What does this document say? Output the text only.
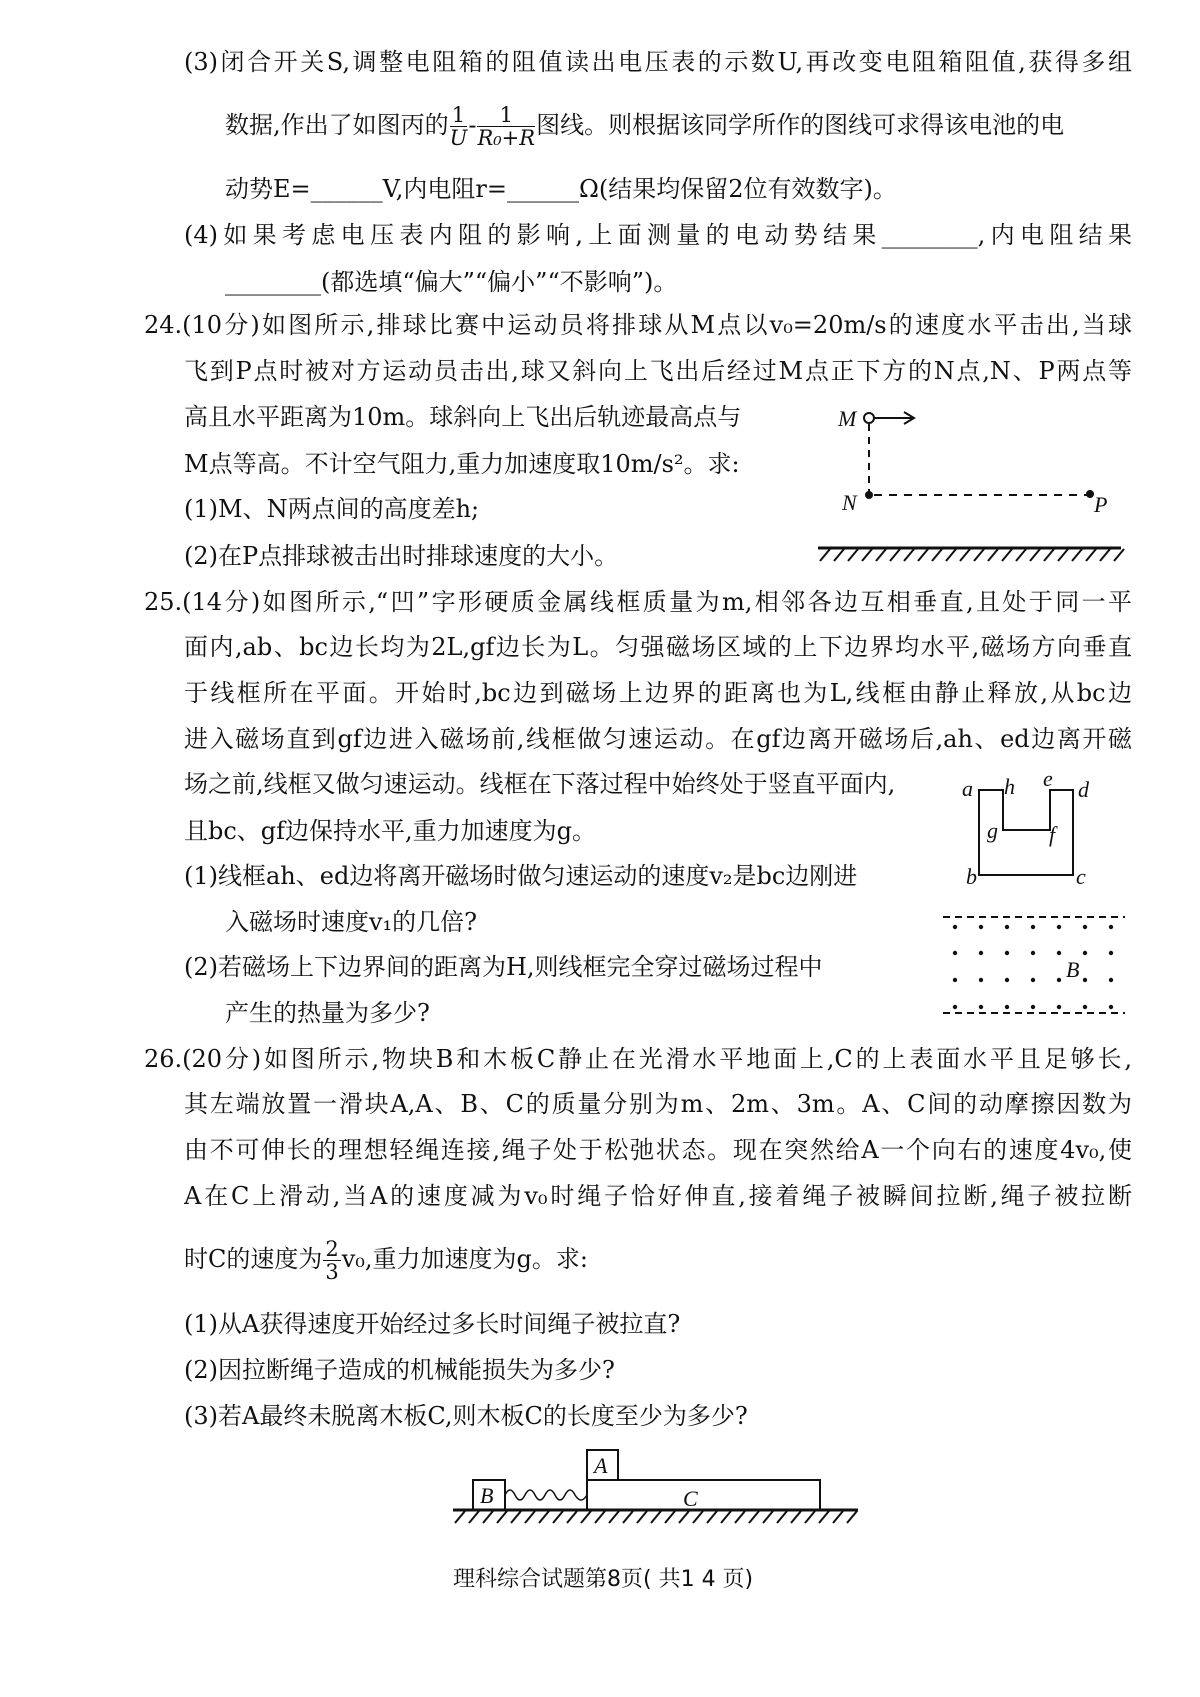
(3)闭合开关S,调整电阻箱的阻值读出电压表的示数U,再改变电阻箱阻值,获得多组
数据,作出了如图丙的 $\frac{1}{U} - \frac{1}{\text{R₀+R}}$ 图线。则根据该同学所作的图线可求得该电池的电
动势E=______V,内电阻r=______Ω(结果均保留2位有效数字)。
(4)如果考虑电压表内阻的影响,上面测量的电动势结果________,内电阻结果
________(都选填“偏大”“偏小”“不影响”)。
24.(10分)如图所示,排球比赛中运动员将排球从M点以v₀=20m/s的速度水平击出,当球
飞到P点时被对方运动员击出,球又斜向上飞出后经过M点正下方的N点,N、P两点等
高且水平距离为10m。球斜向上飞出后轨迹最高点与
M点等高。不计空气阻力,重力加速度取10m/s²。求:
(1)M、N两点间的高度差h;
(2)在P点排球被击出时排球速度的大小。
M
N	P
a h e d
g f
b	c
B
B	C
A
25.(14分)如图所示,“凹”字形硬质金属线框质量为m,相邻各边互相垂直,且处于同一平
面内,ab、bc边长均为2L,gf边长为L。匀强磁场区域的上下边界均水平,磁场方向垂直
于线框所在平面。开始时,bc边到磁场上边界的距离也为L,线框由静止释放,从bc边
进入磁场直到gf边进入磁场前,线框做匀速运动。在gf边离开磁场后,ah、ed边离开磁
场之前,线框又做匀速运动。线框在下落过程中始终处于竖直平面内,
且bc、gf边保持水平,重力加速度为g。
(1)线框ah、ed边将离开磁场时做匀速运动的速度v₂是bc边刚进
入磁场时速度v₁的几倍?
(2)若磁场上下边界间的距离为H,则线框完全穿过磁场过程中
产生的热量为多少?
26.(20分)如图所示,物块B和木板C静止在光滑水平地面上,C的上表面水平且足够长,
其左端放置一滑块A,A、B、C的质量分别为m、2m、3m。A、C间的动摩擦因数为
由不可伸长的理想轻绳连接,绳子处于松弛状态。现在突然给A一个向右的速度4v₀,使
A在C上滑动,当A的速度减为v₀时绳子恰好伸直,接着绳子被瞬间拉断,绳子被拉断
时C的速度为 $\frac{2}{3} v_0$,重力加速度为g。求:
(1)从A获得速度开始经过多长时间绳子被拉直?
(2)因拉断绳子造成的机械能损失为多少?
(3)若A最终未脱离木板C,则木板C的长度至少为多少?
理科综合试题第8页( 共1 4 页)
